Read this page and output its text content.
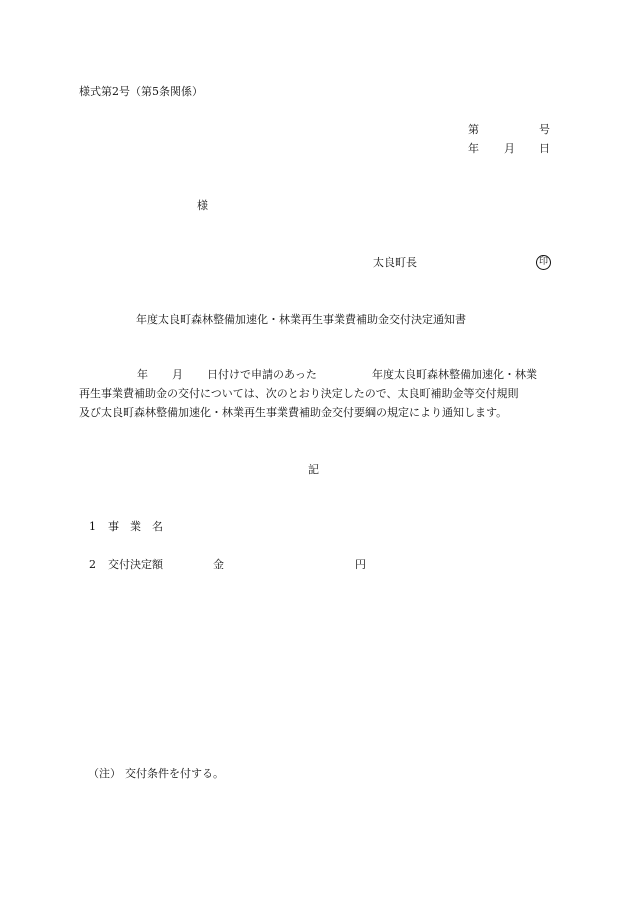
様式第2号（第5条関係）
第	号
年 月 日
様
太良町長	印
年度太良町森林整備加速化・林業再生事業費補助金交付決定通知書
年 月 日付けで申請のあった	年度太良町森林整備加速化・林業
再生事業費補助金の交付については、次のとおり決定したので、太良町補助金等交付規則
及び太良町森林整備加速化・林業再生事業費補助金交付要綱の規定により通知します。
記
1 事　業　名
2 交付決定額	金	円
（注） 交付条件を付する。
